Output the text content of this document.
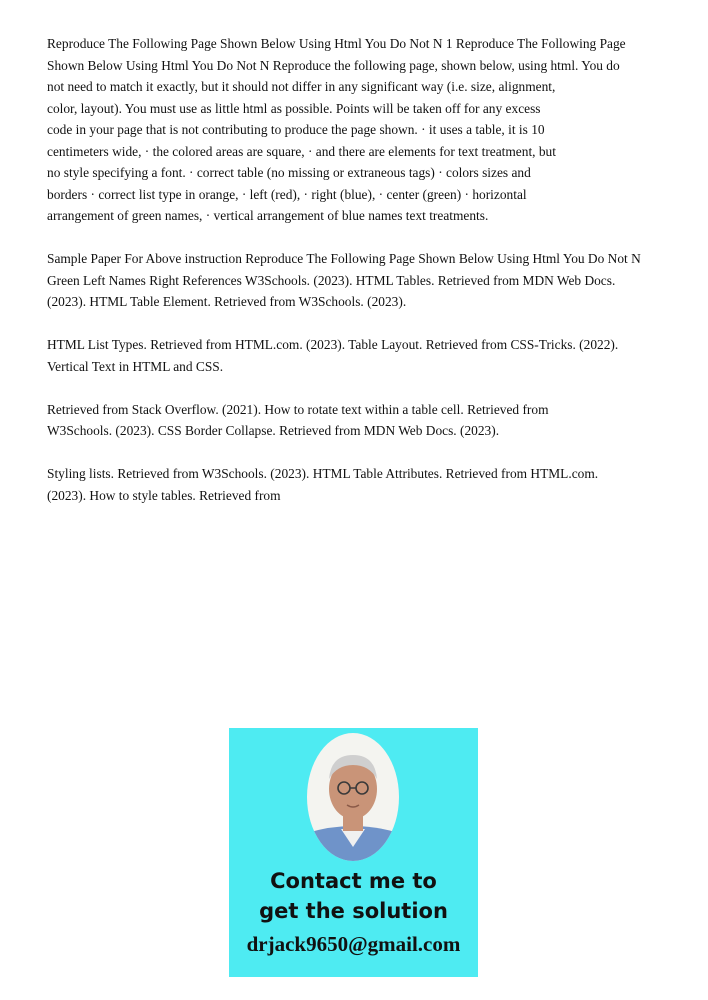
Reproduce The Following Page Shown Below Using Html You Do Not N 1 Reproduce The Following Page
Shown Below Using Html You Do Not N Reproduce the following page, shown below, using html. You do
not need to match it exactly, but it should not differ in any significant way (i.e. size, alignment,
color, layout). You must use as little html as possible. Points will be taken off for any excess
code in your page that is not contributing to produce the page shown. · it uses a table, it is 10
centimeters wide, · the colored areas are square, · and there are elements for text treatment, but
no style specifying a font. · correct table (no missing or extraneous tags) · colors sizes and
borders · correct list type in orange, · left (red), · right (blue), · center (green) · horizontal
arrangement of green names, · vertical arrangement of blue names text treatments.

Sample Paper For Above instruction Reproduce The Following Page Shown Below Using Html You Do Not N
Green Left Names Right References W3Schools. (2023). HTML Tables. Retrieved from MDN Web Docs.
(2023). HTML Table Element. Retrieved from W3Schools. (2023).

HTML List Types. Retrieved from HTML.com. (2023). Table Layout. Retrieved from CSS-Tricks. (2022).
Vertical Text in HTML and CSS.

Retrieved from Stack Overflow. (2021). How to rotate text within a table cell. Retrieved from
W3Schools. (2023). CSS Border Collapse. Retrieved from MDN Web Docs. (2023).

Styling lists. Retrieved from W3Schools. (2023). HTML Table Attributes. Retrieved from HTML.com.
(2023). How to style tables. Retrieved from

Contact me to
get the solution
drjack9650@gmail.com
